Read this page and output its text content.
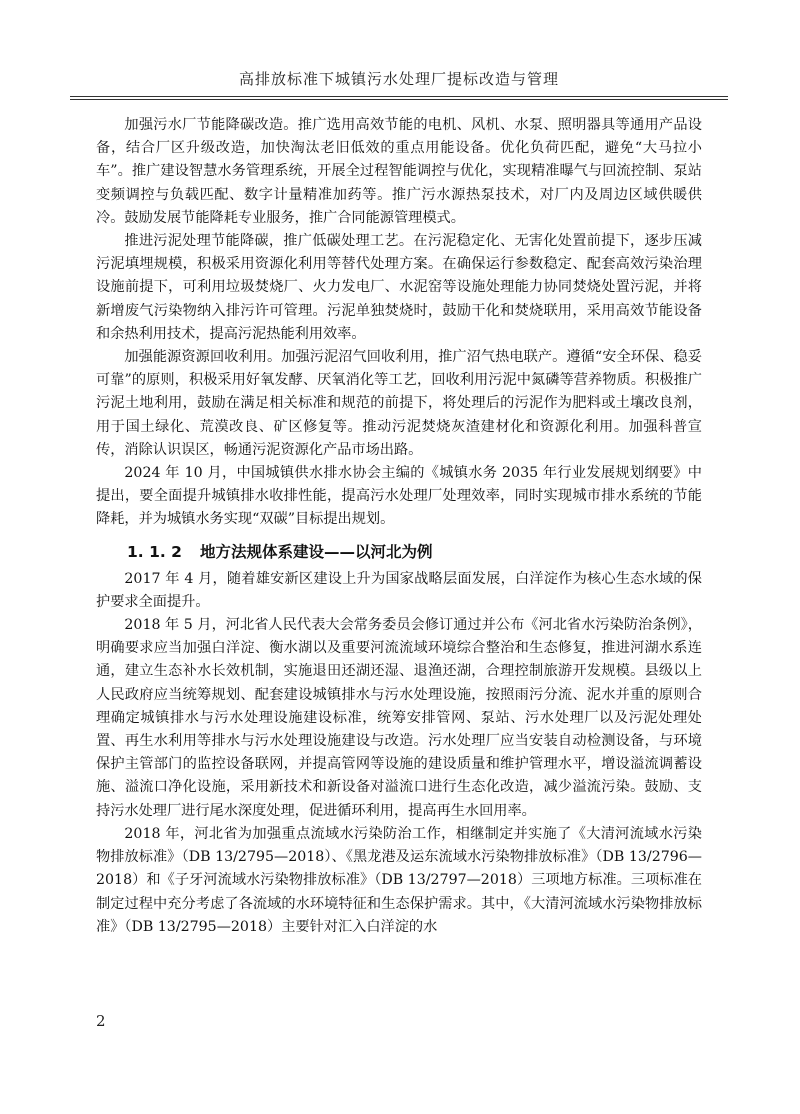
高排放标准下城镇污水处理厂提标改造与管理

加强污水厂节能降碳改造。推广选用高效节能的电机、风机、水泵、照明器具等通用产品设备，结合厂区升级改造，加快淘汰老旧低效的重点用能设备。优化负荷匹配，避免“大马拉小车”。推广建设智慧水务管理系统，开展全过程智能调控与优化，实现精准曝气与回流控制、泵站变频调控与负载匹配、数字计量精准加药等。推广污水源热泵技术，对厂内及周边区域供暖供冷。鼓励发展节能降耗专业服务，推广合同能源管理模式。

推进污泥处理节能降碳，推广低碳处理工艺。在污泥稳定化、无害化处置前提下，逐步压减污泥填埋规模，积极采用资源化利用等替代处理方案。在确保运行参数稳定、配套高效污染治理设施前提下，可利用垃圾焚烧厂、火力发电厂、水泥窑等设施处理能力协同焚烧处置污泥，并将新增废气污染物纳入排污许可管理。污泥单独焚烧时，鼓励干化和焚烧联用，采用高效节能设备和余热利用技术，提高污泥热能利用效率。

加强能源资源回收利用。加强污泥沼气回收利用，推广沼气热电联产。遵循“安全环保、稳妥可靠”的原则，积极采用好氧发酵、厌氧消化等工艺，回收利用污泥中氮磷等营养物质。积极推广污泥土地利用，鼓励在满足相关标准和规范的前提下，将处理后的污泥作为肥料或土壤改良剂，用于国土绿化、荒漠改良、矿区修复等。推动污泥焚烧灰渣建材化和资源化利用。加强科普宣传，消除认识误区，畅通污泥资源化产品市场出路。

2024 年 10 月，中国城镇供水排水协会主编的《城镇水务 2035 年行业发展规划纲要》中提出，要全面提升城镇排水收排性能，提高污水处理厂处理效率，同时实现城市排水系统的节能降耗，并为城镇水务实现“双碳”目标提出规划。

1. 1. 2 地方法规体系建设——以河北为例

2017 年 4 月，随着雄安新区建设上升为国家战略层面发展，白洋淀作为核心生态水域的保护要求全面提升。

2018 年 5 月，河北省人民代表大会常务委员会修订通过并公布《河北省水污染防治条例》，明确要求应当加强白洋淀、衡水湖以及重要河流流域环境综合整治和生态修复，推进河湖水系连通，建立生态补水长效机制，实施退田还湖还湿、退渔还湖，合理控制旅游开发规模。县级以上人民政府应当统筹规划、配套建设城镇排水与污水处理设施，按照雨污分流、泥水并重的原则合理确定城镇排水与污水处理设施建设标准，统筹安排管网、泵站、污水处理厂以及污泥处理处置、再生水利用等排水与污水处理设施建设与改造。污水处理厂应当安装自动检测设备，与环境保护主管部门的监控设备联网，并提高管网等设施的建设质量和维护管理水平，增设溢流调蓄设施、溢流口净化设施，采用新技术和新设备对溢流口进行生态化改造，减少溢流污染。鼓励、支持污水处理厂进行尾水深度处理，促进循环利用，提高再生水回用率。

2018 年，河北省为加强重点流域水污染防治工作，相继制定并实施了《大清河流域水污染物排放标准》（DB 13/2795—2018）、《黑龙港及运东流域水污染物排放标准》（DB 13/2796—2018）和《子牙河流域水污染物排放标准》（DB 13/2797—2018）三项地方标准。三项标准在制定过程中充分考虑了各流域的水环境特征和生态保护需求。其中，《大清河流域水污染物排放标准》（DB 13/2795—2018）主要针对汇入白洋淀的水

2
